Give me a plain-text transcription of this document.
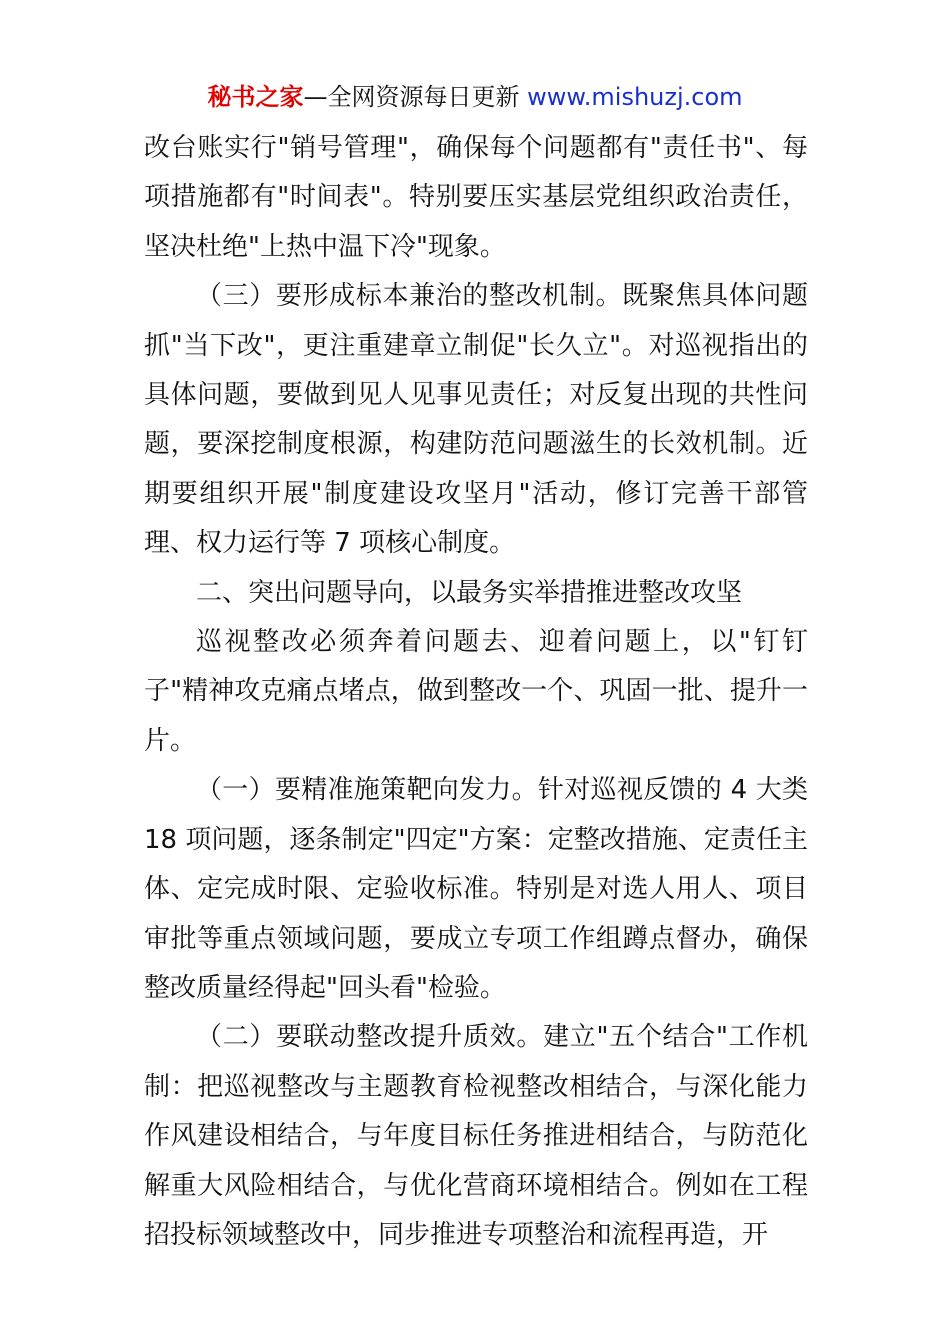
秘书之家—全网资源每日更新 www.mishuzj.com

改台账实行"销号管理"，确保每个问题都有"责任书"、每项措施都有"时间表"。特别要压实基层党组织政治责任，坚决杜绝"上热中温下冷"现象。

（三）要形成标本兼治的整改机制。既聚焦具体问题抓"当下改"，更注重建章立制促"长久立"。对巡视指出的具体问题，要做到见人见事见责任；对反复出现的共性问题，要深挖制度根源，构建防范问题滋生的长效机制。近期要组织开展"制度建设攻坚月"活动，修订完善干部管理、权力运行等 7 项核心制度。

二、突出问题导向，以最务实举措推进整改攻坚

巡视整改必须奔着问题去、迎着问题上，以"钉钉子"精神攻克痛点堵点，做到整改一个、巩固一批、提升一片。

（一）要精准施策靶向发力。针对巡视反馈的 4 大类 18 项问题，逐条制定"四定"方案：定整改措施、定责任主体、定完成时限、定验收标准。特别是对选人用人、项目审批等重点领域问题，要成立专项工作组蹲点督办，确保整改质量经得起"回头看"检验。

（二）要联动整改提升质效。建立"五个结合"工作机制：把巡视整改与主题教育检视整改相结合，与深化能力作风建设相结合，与年度目标任务推进相结合，与防范化解重大风险相结合，与优化营商环境相结合。例如在工程招投标领域整改中，同步推进专项整治和流程再造，开
